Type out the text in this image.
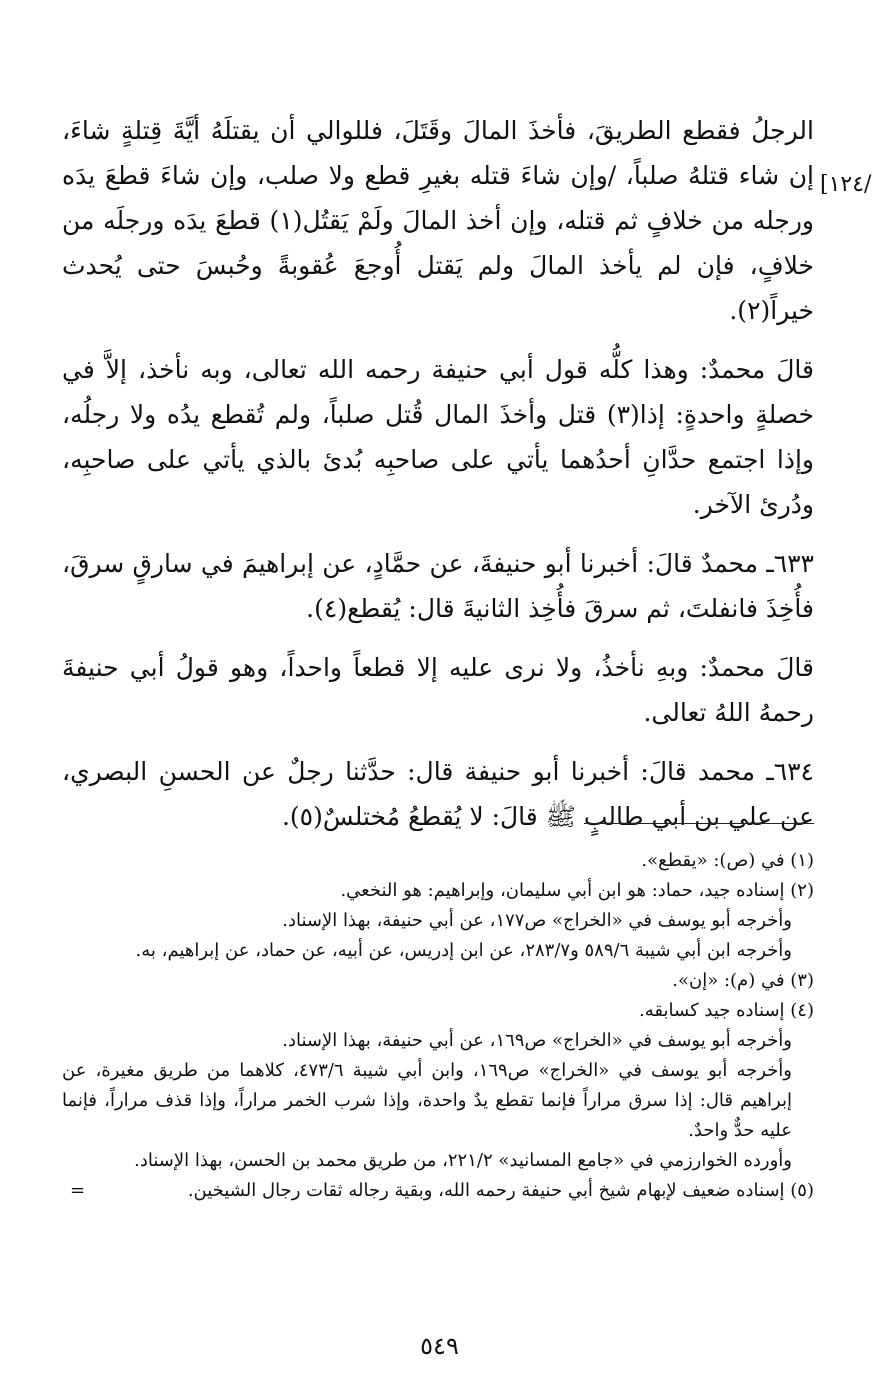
[١٢٤/

الرجلُ فقطع الطريقَ، فأخذَ المالَ وقَتَلَ، فللوالي أن يقتلَهُ أيَّةَ قِتلةٍ شاءَ، إن شاء قتلهُ صلباً، /وإن شاءَ قتله بغيرِ قطع ولا صلب، وإن شاءَ قطعَ يدَه ورجله من خلافٍ ثم قتله، وإن أخذ المالَ ولَمْ يَقتُل(١) قطعَ يدَه ورجلَه من خلافٍ، فإن لم يأخذ المالَ ولم يَقتل أُوجعَ عُقوبةً وحُبسَ حتى يُحدث خيراً(٢).

قالَ محمدٌ: وهذا كلُّه قول أبي حنيفة رحمه الله تعالى، وبه نأخذ، إلاَّ في خصلةٍ واحدةٍ: إذا(٣) قتل وأخذَ المال قُتل صلباً، ولم تُقطع يدُه ولا رجلُه، وإذا اجتمع حدَّانِ أحدُهما يأتي على صاحبِه بُدئ بالذي يأتي على صاحبِه، ودُرئ الآخر.

٦٣٣ـ محمدٌ قالَ: أخبرنا أبو حنيفةَ، عن حمَّادٍ، عن إبراهيمَ في سارقٍ سرقَ، فأُخِذَ فانفلتَ، ثم سرقَ فأُخِذ الثانيةَ قال: يُقطع(٤).

قالَ محمدٌ: وبهِ نأخذُ، ولا نرى عليه إلا قطعاً واحداً، وهو قولُ أبي حنيفةَ رحمهُ اللهُ تعالى.

٦٣٤ـ محمد قالَ: أخبرنا أبو حنيفة قال: حدَّثنا رجلٌ عن الحسنِ البصري، عن علي بن أبي طالبٍ ﷺ قالَ: لا يُقطعُ مُختلسٌ(٥).

(١) في (ص): «يقطع».

(٢) إسناده جيد، حماد: هو ابن أبي سليمان، وإبراهيم: هو النخعي.

وأخرجه أبو يوسف في «الخراج» ص١٧٧، عن أبي حنيفة، بهذا الإسناد.

وأخرجه ابن أبي شيبة ٥٨٩/٦ و٢٨٣/٧، عن ابن إدريس، عن أبيه، عن حماد، عن إبراهيم، به.

(٣) في (م): «إن».

(٤) إسناده جيد كسابقه.

وأخرجه أبو يوسف في «الخراج» ص١٦٩، عن أبي حنيفة، بهذا الإسناد.

وأخرجه أبو يوسف في «الخراج» ص١٦٩، وابن أبي شيبة ٤٧٣/٦، كلاهما من طريق مغيرة، عن إبراهيم قال: إذا سرق مراراً فإنما تقطع يدٌ واحدة، وإذا شرب الخمر مراراً، وإذا قذف مراراً، فإنما عليه حدٌّ واحدٌ.

وأورده الخوارزمي في «جامع المسانيد» ٢٢١/٢، من طريق محمد بن الحسن، بهذا الإسناد.

=	(٥) إسناده ضعيف لإبهام شيخ أبي حنيفة رحمه الله، وبقية رجاله ثقات رجال الشيخين.

٥٤٩
